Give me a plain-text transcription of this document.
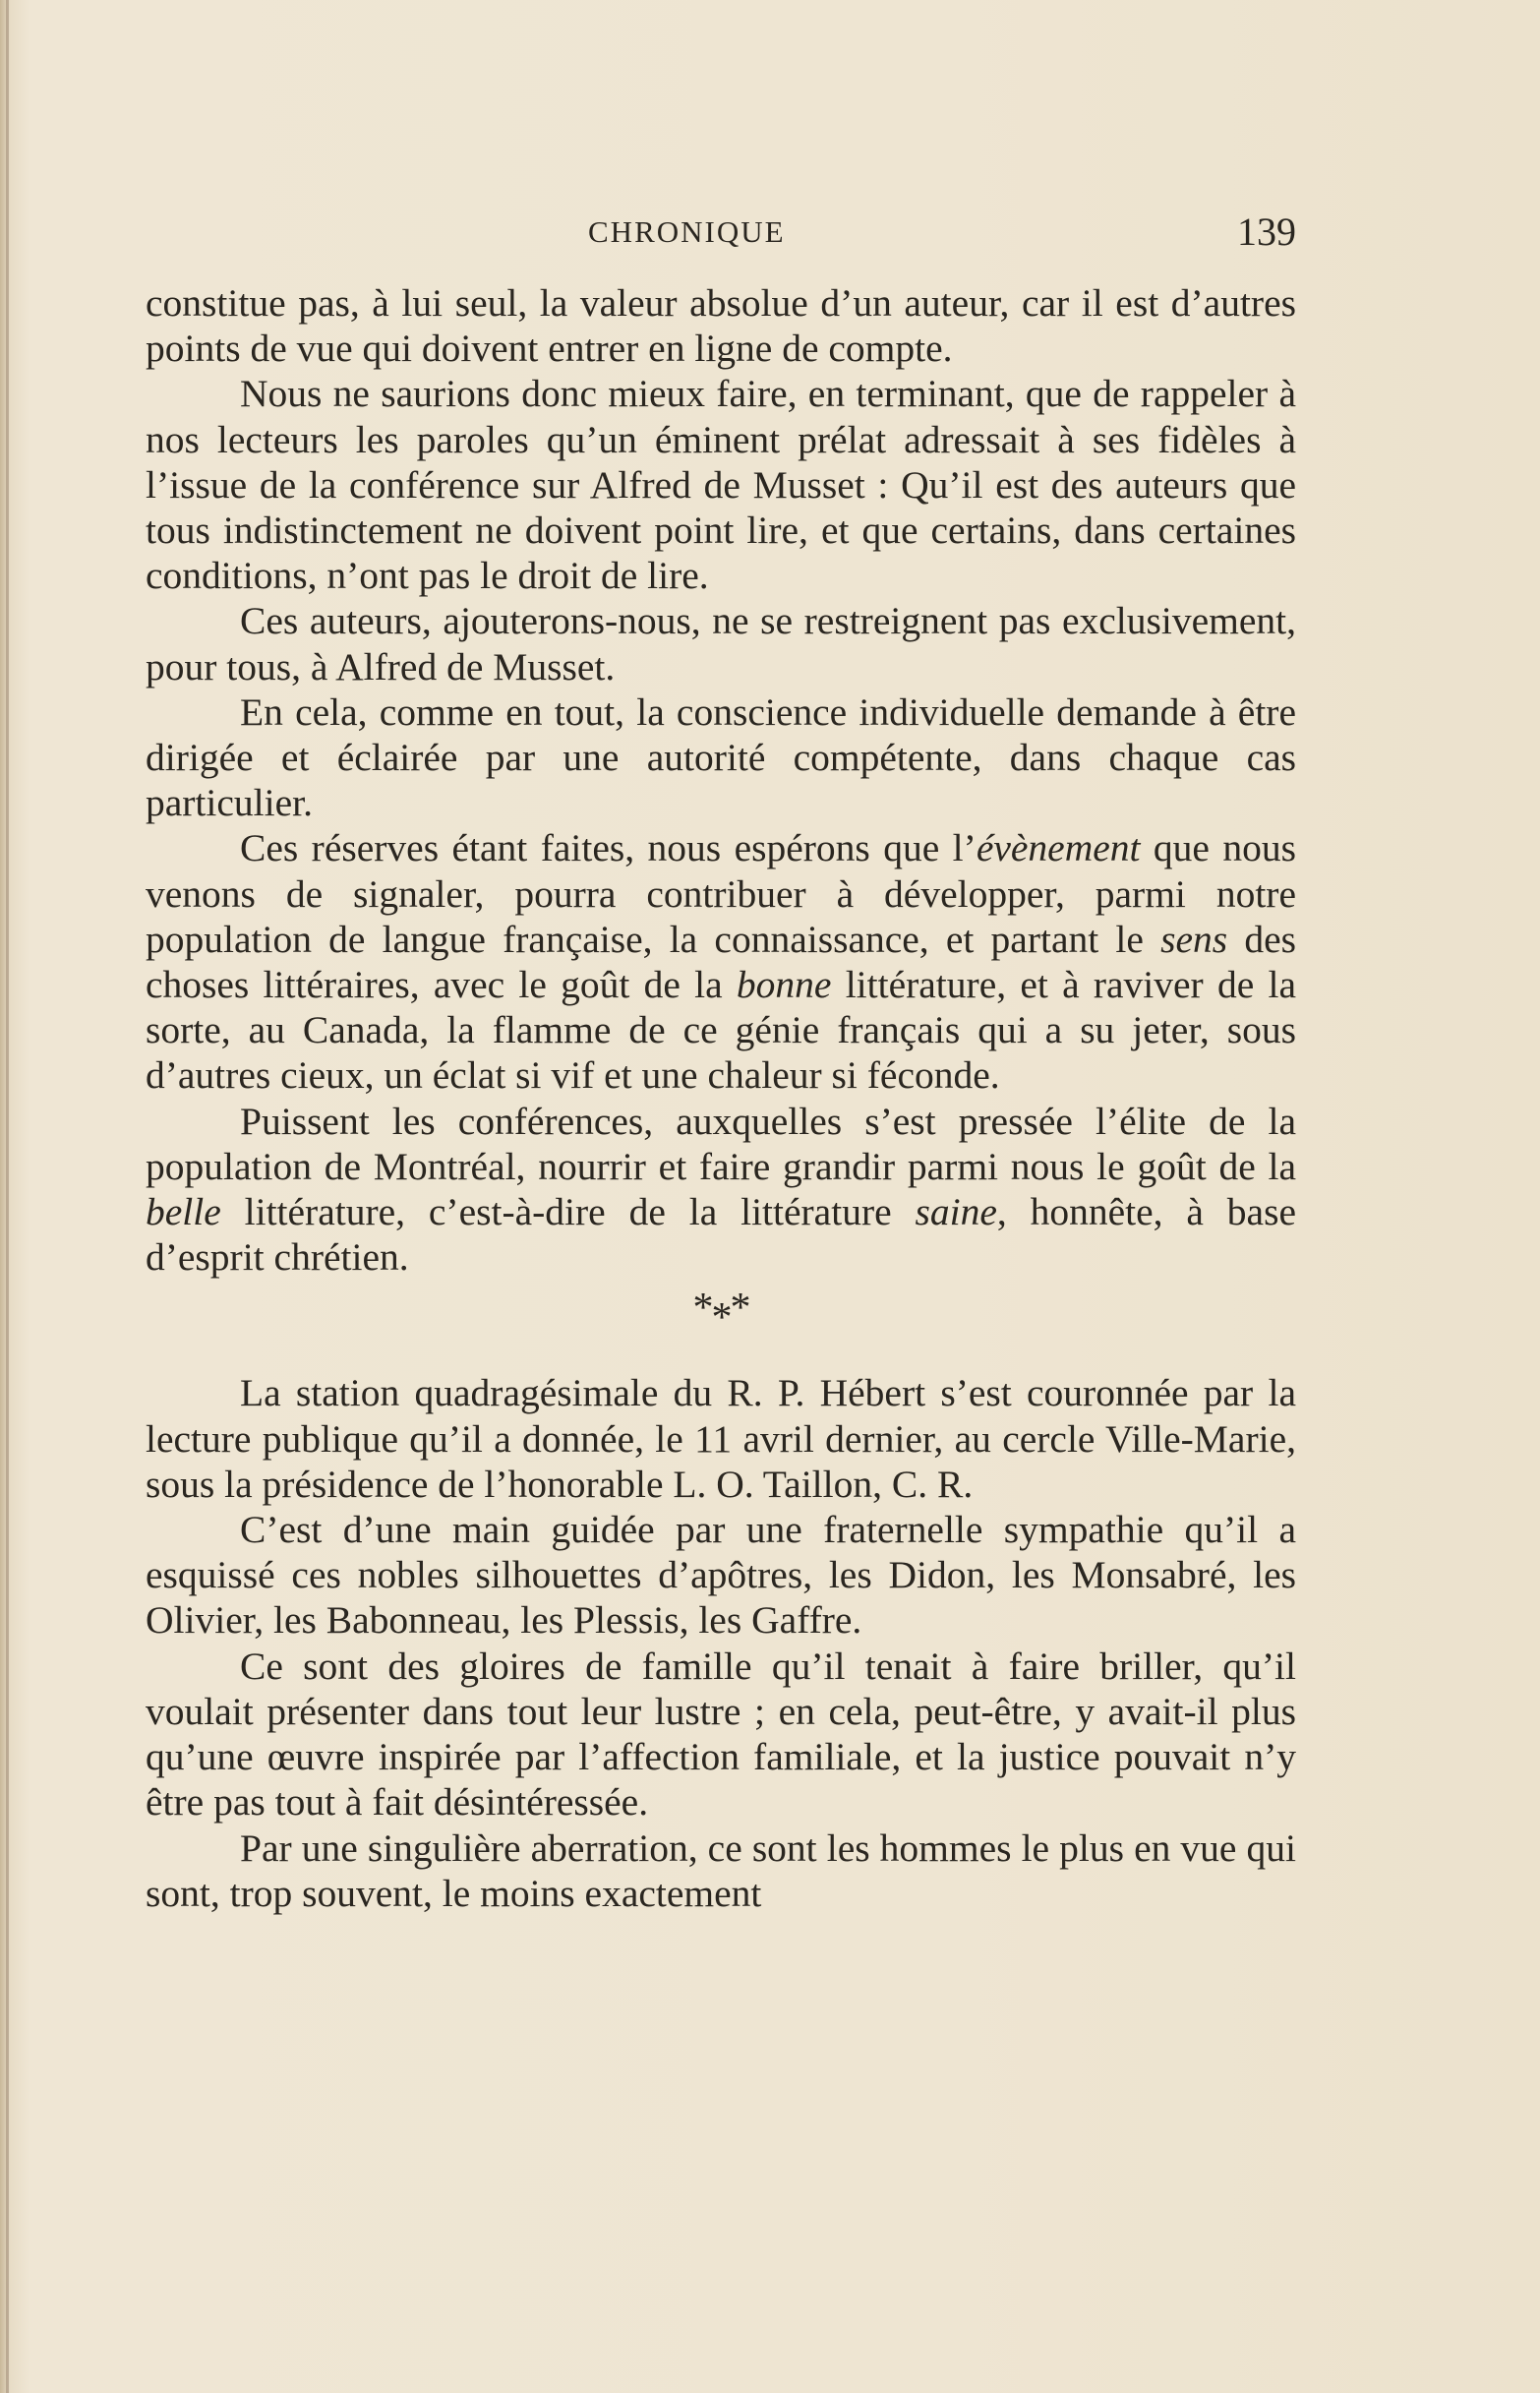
CHRONIQUE	139

constitue pas, à lui seul, la valeur absolue d’un auteur, car il est d’autres points de vue qui doivent entrer en ligne de compte.

Nous ne saurions donc mieux faire, en terminant, que de rappeler à nos lecteurs les paroles qu’un éminent prélat adressait à ses fidèles à l’issue de la conférence sur Alfred de Musset : Qu’il est des auteurs que tous indistinctement ne doivent point lire, et que certains, dans certaines conditions, n’ont pas le droit de lire.

Ces auteurs, ajouterons-nous, ne se restreignent pas exclusivement, pour tous, à Alfred de Musset.

En cela, comme en tout, la conscience individuelle demande à être dirigée et éclairée par une autorité compétente, dans chaque cas particulier.

Ces réserves étant faites, nous espérons que l’évènement que nous venons de signaler, pourra contribuer à développer, parmi notre population de langue française, la connaissance, et partant le sens des choses littéraires, avec le goût de la bonne littérature, et à raviver de la sorte, au Canada, la flamme de ce génie français qui a su jeter, sous d’autres cieux, un éclat si vif et une chaleur si féconde.

Puissent les conférences, auxquelles s’est pressée l’élite de la population de Montréal, nourrir et faire grandir parmi nous le goût de la belle littérature, c’est-à-dire de la littérature saine, honnête, à base d’esprit chrétien.

***

La station quadragésimale du R. P. Hébert s’est couronnée par la lecture publique qu’il a donnée, le 11 avril dernier, au cercle Ville-Marie, sous la présidence de l’honorable L. O. Taillon, C. R.

C’est d’une main guidée par une fraternelle sympathie qu’il a esquissé ces nobles silhouettes d’apôtres, les Didon, les Monsabré, les Olivier, les Babonneau, les Plessis, les Gaffre.

Ce sont des gloires de famille qu’il tenait à faire briller, qu’il voulait présenter dans tout leur lustre ; en cela, peut-être, y avait-il plus qu’une œuvre inspirée par l’affection familiale, et la justice pouvait n’y être pas tout à fait désintéressée.

Par une singulière aberration, ce sont les hommes le plus en vue qui sont, trop souvent, le moins exactement
